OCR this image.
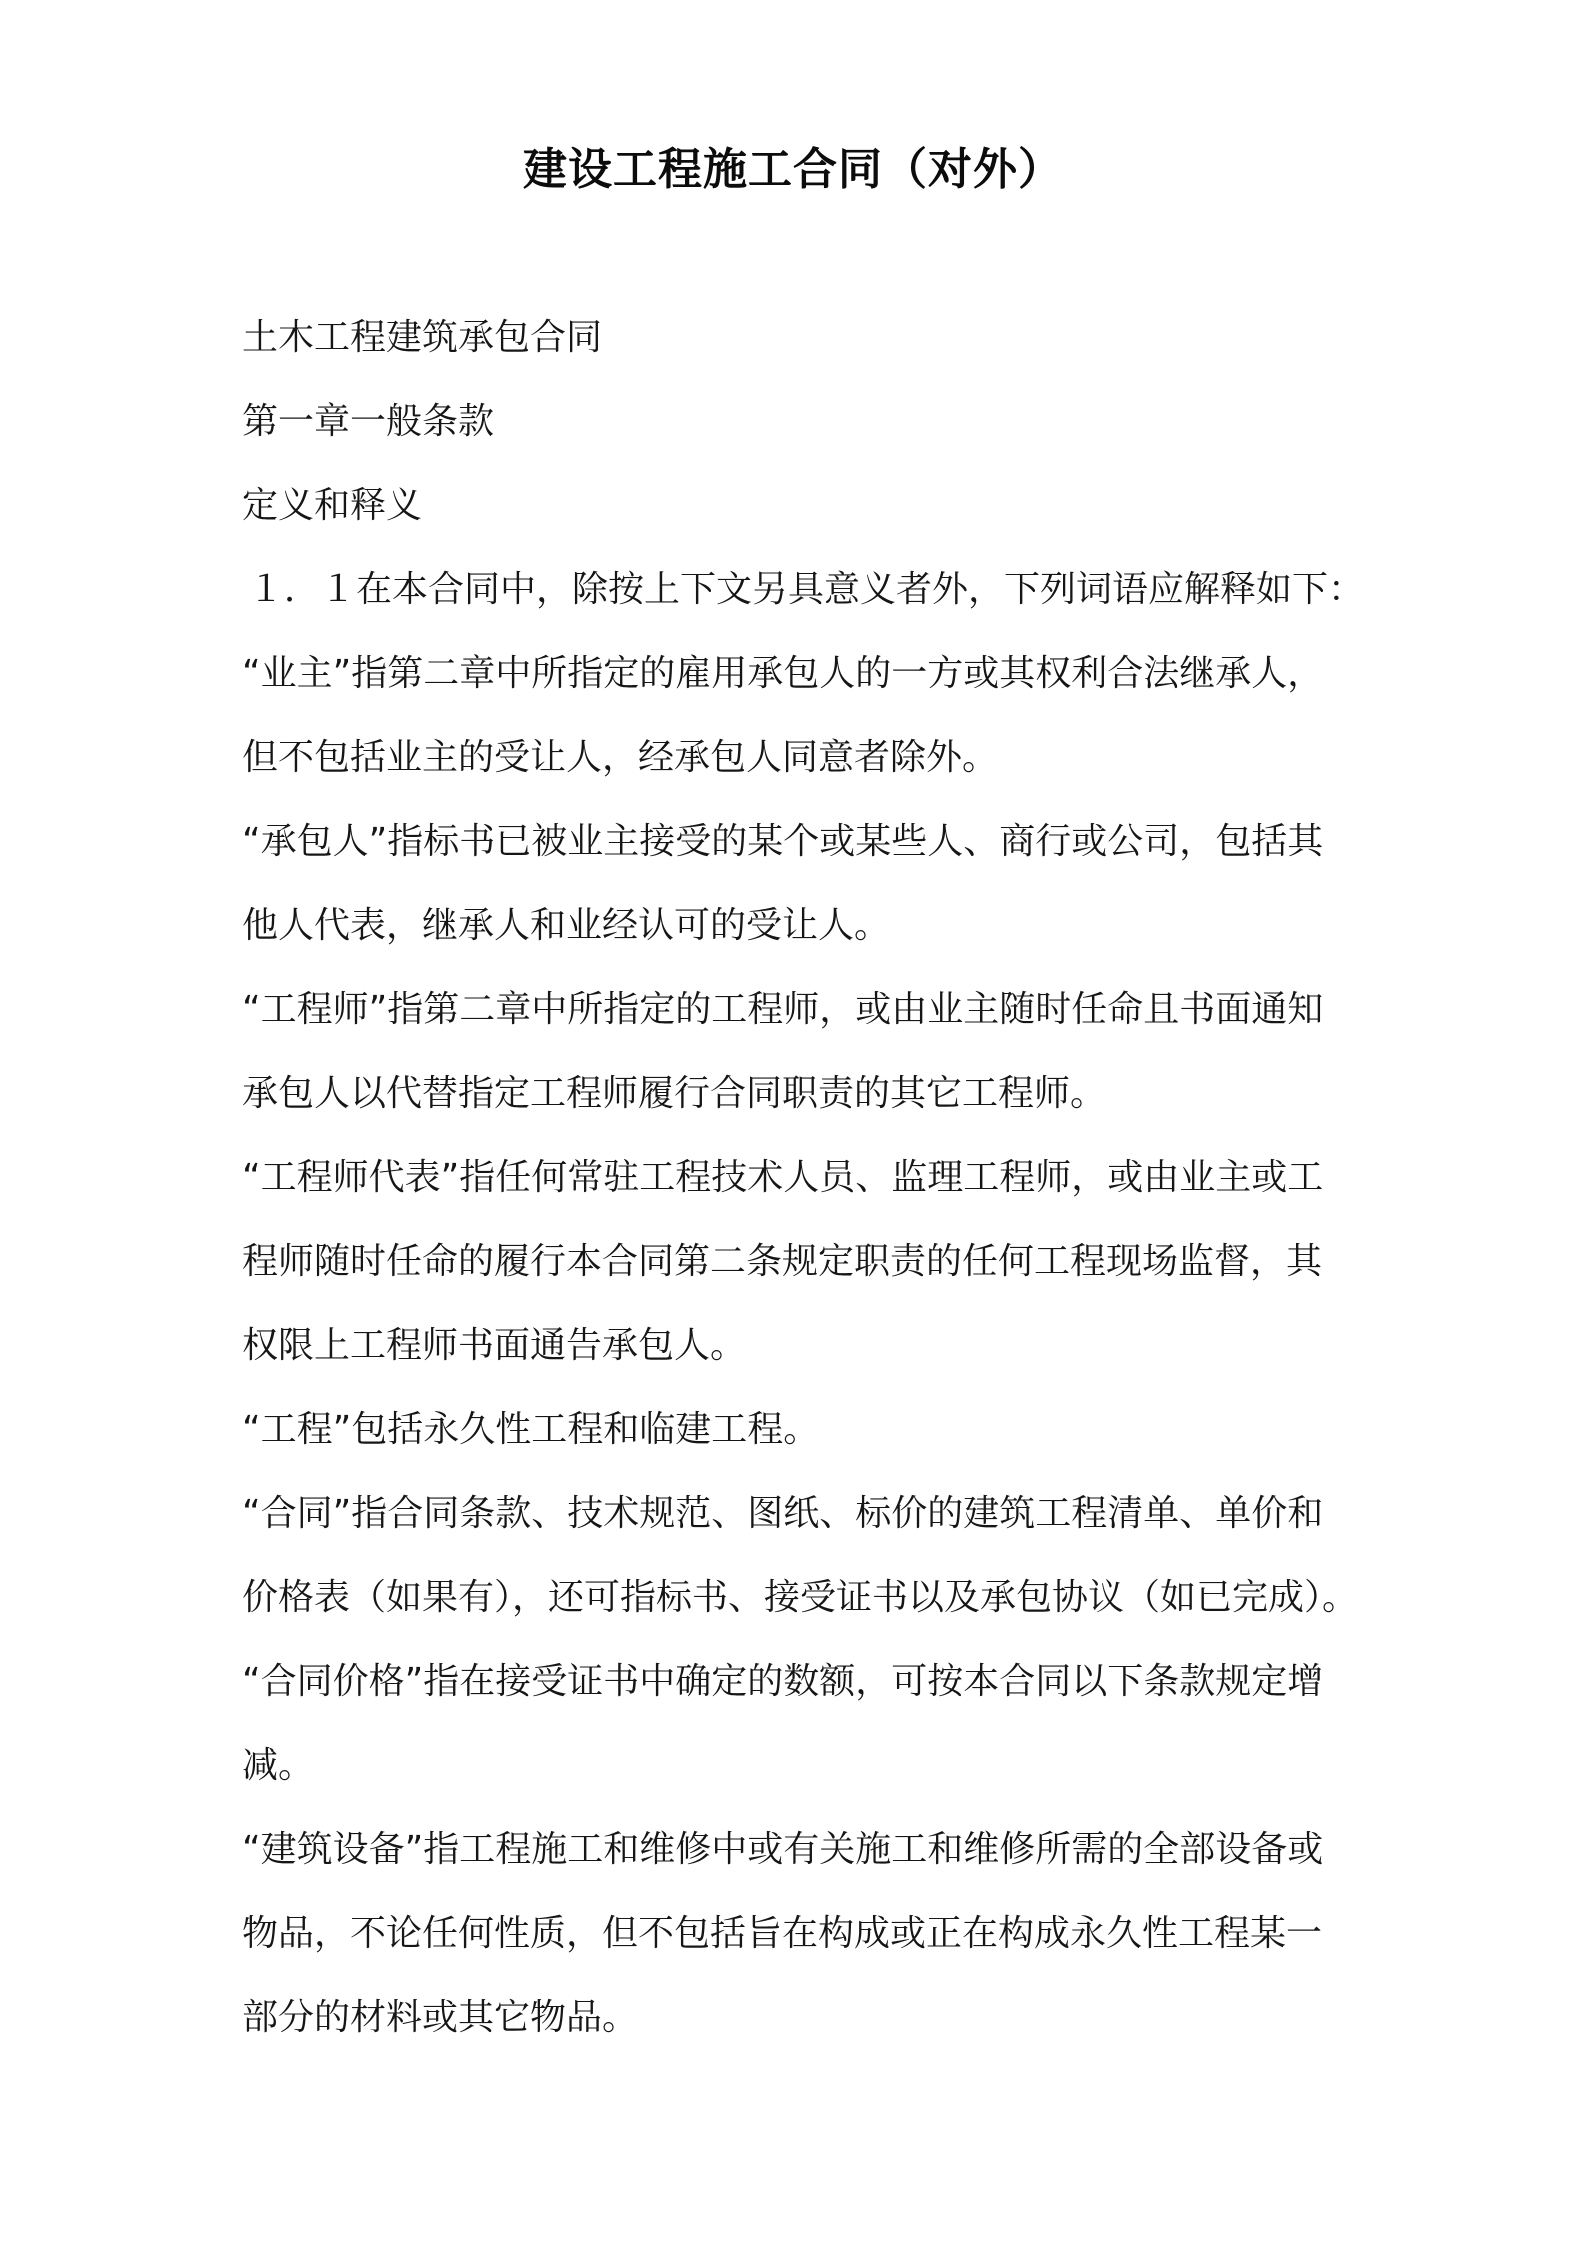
建设工程施工合同（对外）
土木工程建筑承包合同
第一章一般条款
定义和释义
１．１在本合同中，除按上下文另具意义者外，下列词语应解释如下：
“业主”指第二章中所指定的雇用承包人的一方或其权利合法继承人，
但不包括业主的受让人，经承包人同意者除外。
“承包人”指标书已被业主接受的某个或某些人、商行或公司，包括其
他人代表，继承人和业经认可的受让人。
“工程师”指第二章中所指定的工程师，或由业主随时任命且书面通知
承包人以代替指定工程师履行合同职责的其它工程师。
“工程师代表”指任何常驻工程技术人员、监理工程师，或由业主或工
程师随时任命的履行本合同第二条规定职责的任何工程现场监督，其
权限上工程师书面通告承包人。
“工程”包括永久性工程和临建工程。
“合同”指合同条款、技术规范、图纸、标价的建筑工程清单、单价和
价格表（如果有），还可指标书、接受证书以及承包协议（如已完成）。
“合同价格”指在接受证书中确定的数额，可按本合同以下条款规定增
减。
“建筑设备”指工程施工和维修中或有关施工和维修所需的全部设备或
物品，不论任何性质，但不包括旨在构成或正在构成永久性工程某一
部分的材料或其它物品。
